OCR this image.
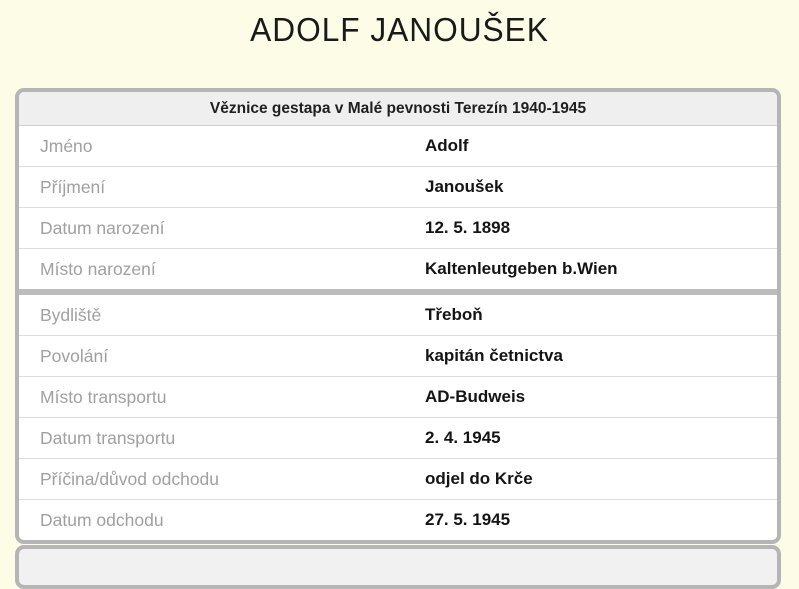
ADOLF JANOUŠEK
Věznice gestapa v Malé pevnosti Terezín 1940-1945
Jméno	Adolf
Příjmení	Janoušek
Datum narození	12. 5. 1898
Místo narození	Kaltenleutgeben b.Wien
Bydliště	Třeboň
Povolání	kapitán četnictva
Místo transportu	AD-Budweis
Datum transportu	2. 4. 1945
Příčina/důvod odchodu	odjel do Krče
Datum odchodu	27. 5. 1945
